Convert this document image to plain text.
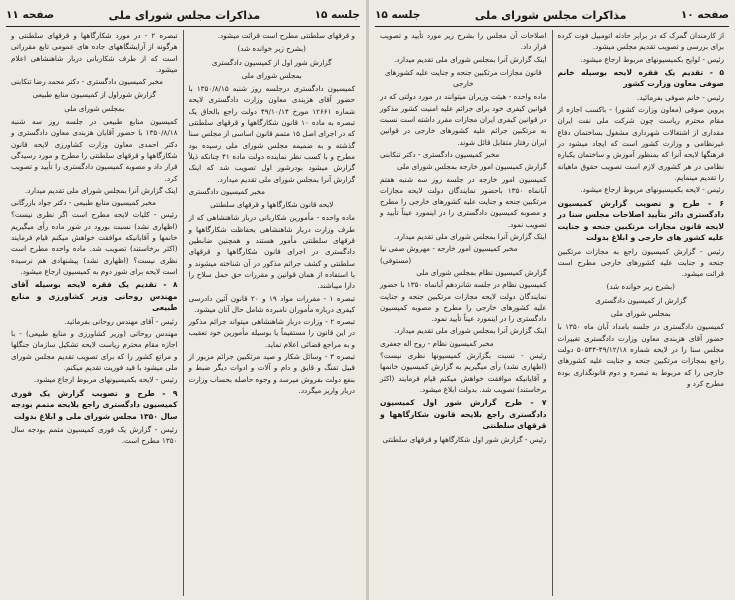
جلسه ۱۵
مذاکرات مجلس شورای ملی
صفحه ۱۱

و قرقهای سلطنتی مطرح است قرائت میشود.

(بشرح زیر خوانده شد)

گزارش شور اول از کمیسیون دادگستری

بمجلس شورای ملی

کمیسیون دادگستری درجلسه روز شنبه ۱۳۵۰/۸/۱۵ با حضور آقای هزبندی معاون وزارت دادگستری لایحه شماره ۱۲۶۶۱ مورخ ۴۹/۱۰/۱۴ دولت راجع بالحاق یک تبصره به ماده ۱۰ قانون شکارگاهها و قرقهای سلطنتی که در اجرای اصل ۱۵ متمم قانون اساسی از مجلس سنا گذشته و به ضمیمه مجلس شورای ملی رسیده بود مطرح و با کسب نظر نماینده دولت ماده ۴۱ چنانکه ذیلاً گزارش میشود بودرشور اول تصویب شد که اینک گزارش آنرا بمجلس شورای ملی تقدیم میدارد.

مخبر کمیسیون دادگستری

لایحه قانون شکارگاهها و قرقهای سلطنتی

ماده واحده - مأمورین شکاربانی دربار شاهنشاهی که از طرف وزارت دربار شاهنشاهی بحفاظت شکارگاهها و قرقهای سلطنتی مأمور هستند و همچنین ضابطین دادگستری در اجرای قانون شکارگاهها و قرقهای سلطنتی و کشف جرائم مذکور در آن شناخته میشوند و با استفاده از همان قوانین و مقررات حق حمل سلاح را دارا میباشند.

تبصره ۱ - مقررات مواد ۱۹ و ۲۰ قانون آئین دادرسی کیفری درباره مأموران نامبرده شامل حال آنان میشود.

تبصره ۲ - وزارت دربار شاهنشاهی میتواند جرائم مذکور در این قانون را مستقیماً یا بوسیله مأمورین خود تعقیب و به مراجع قضائی اعلام نماید.

تبصره ۳ - وسائل شکار و صید مرتکبین جرائم مزبور از قبیل تفنگ و قایق و دام و آلات و ادوات دیگر ضبط و بنفع دولت بفروش میرسد و وجوه حاصله بحساب وزارت دربار واریز میگردد.

تبصره ۲ - در مورد شکارگاهها و قرقهای سلطنتی و هرگونه از آرایشگاههای جاده های عمومی تابع مقرراتی است که از طرف شکاربانی دربار شاهنشاهی اعلام میشود.

مخبر کمیسیون دادگستری - دکتر محمد رضا تنکابنی

گزارش شوراول از کمیسیون منابع طبیعی

بمجلس شورای ملی

کمیسیون منابع طبیعی در جلسه روز سه شنبه ۱۳۵۰/۸/۱۸ با حضور آقایان هزبندی معاون دادگستری و دکتر احمدی معاون وزارت کشاورزی لایحه قانون شکارگاهها و قرقهای سلطنتی را مطرح و مورد رسیدگی قرار داد و مصوبه کمیسیون دادگستری را تأیید و تصویب کرد.

اینک گزارش آنرا بمجلس شورای ملی تقدیم میدارد.

مخبر کمیسیون منابع طبیعی - دکتر جواد بازرگانی

رئیس - کلیات لایحه مطرح است اگر نظری نیست؟ (اظهاری نشد) نسبت بورود در شور ماده رأی میگیریم خانمها و آقایانیکه موافقت خواهش میکنم قیام فرمایند (اکثر برخاستند) تصویب شد. ماده واحده مطرح است نظری نیست؟ (اظهاری نشد) پیشنهادی هم نرسیده است لایحه برای شور دوم به کمیسیون ارجاع میشود.

۸ - تقدیم یک فقره لایحه بوسیله آقای مهندس روحانی وزیر کشاورزی و منابع طبیعی

رئیس - آقای مهندس روحانی بفرمائید.

مهندس روحانی (وزیر کشاورزی و منابع طبیعی) - با اجازه مقام محترم ریاست لایحه تشکیل سازمان جنگلها و مراتع کشور را که برای تصویب تقدیم مجلس شورای ملی میشود با قید فوریت تقدیم میکنم.

رئیس - لایحه بکمیسیونهای مربوط ارجاع میشود.

۹ - طرح و تصویب گزارش یک فوری کمیسیون دادگستری راجع بلایحه متمم بودجه سال ۱۳۵۰ مجلس شورای ملی و ابلاغ بدولت

رئیس - گزارش یک فوری کمیسیون متمم بودجه سال ۱۳۵۰ مطرح است.

صفحه ۱۰
مذاکرات مجلس شورای ملی
جلسه ۱۵

از کارمندان گمرک که در برابر حادثه اتومبیل فوت کرده برای بررسی و تصویب تقدیم مجلس میشود.

رئیس - لوایح بکمیسیونهای مربوط ارجاع میشود.

۵ - تقدیم یک فقره لایحه بوسیله خانم صوفی معاون وزارت کشور

رئیس - خانم صوفی بفرمائید.

پروین صوفی (معاون وزارت کشور) - باکسب اجازه از مقام محترم ریاست چون شرکت ملی نفت ایران مقداری از اشتغالات شهرداری مشغول بساختمان دفاع غیرنظامی و وزارت کشور است که ایجاد میشود در فرهنگها لایحه آنرا که بمنظور آموزش و ساختمان یکباره نظامی در هر کشوری لازم است تصویب حقوق ماهیانه را تقدیم مینمایم.

رئیس - لایحه بکمیسیونهای مربوط ارجاع میشود.

۶ - طرح و تصویب گزارش کمیسیون دادگستری دائر بتأیید اصلاحات مجلس سنا در لایحه قانون مجازات مرتکبین جنحه و جنایت علیه کشور های خارجی و ابلاغ بدولت

رئیس - گزارش کمیسیون راجع به مجازات مرتکبین جنحه و جنایت علیه کشورهای خارجی مطرح است قرائت میشود.

(بشرح زیر خوانده شد)

گزارش از کمیسیون دادگستری

بمجلس شورای ملی

کمیسیون دادگستری در جلسه بامداد آبان ماه ۱۳۵۰ با حضور آقای هزبندی معاون وزارت دادگستری تغییرات مجلس سنا را در لایحه شماره ۴۹/۱۲/۱۸-۵۰۵۴۴ دولت راجع بمجازات مرتکبین جنحه و جنایت علیه کشورهای خارجی را که مربوط به تبصره و دوم قانونگذاری بوده مطرح کرد و

اصلاحات آن مجلس را بشرح زیر مورد تأیید و تصویب قرار داد.

اینک گزارش آنرا بمجلس شورای ملی تقدیم میدارد.

قانون مجازات مرتکبین جنحه و جنایت علیه کشورهای خارجی

ماده واحده - هیئت وزیران میتوانند در مورد دولتی که در قوانین کیفری خود برای جرائم علیه امنیت کشور مذکور در قوانین کیفری ایران مجازات مقرر داشته است نسبت به مرتکبین جرائم علیه کشورهای خارجی در قوانین ایران رفتار متقابل قائل شوند.

مخبر کمیسیون دادگستری - دکتر تنکابنی

گزارش کمیسیون امور خارجه بمجلس شورای ملی

کمیسیون امور خارجه در جلسه روز سه شنبه هفتم آبانماه ۱۳۵۰ باحضور نمایندگان دولت لایحه مجازات مرتکبین جنحه و جنایت علیه کشورهای خارجی را مطرح و مصوبه کمیسیون دادگستری را در اینمورد عیناً تأیید و تصویب نمود.

اینک گزارش آنرا بمجلس شورای ملی تقدیم میدارد.

مخبر کمیسیون امور خارجه - مهروش صفی نیا (مستوفی)

گزارش کمیسیون نظام بمجلس شورای ملی

کمیسیون نظام در جلسه شانزدهم آبانماه ۱۳۵۰ با حضور نمایندگان دولت لایحه مجازات مرتکبین جنحه و جنایت علیه کشورهای خارجی را مطرح و مصوبه کمیسیون دادگستری را در اینمورد عیناً تأیید نمود.

اینک گزارش آنرا بمجلس شورای ملی تقدیم میدارد.

مخبر کمیسیون نظام - روح اله جعفری

رئیس - نسبت بگزارش کمیسیونها نظری نیست؟ (اظهاری نشد) رأی میگیریم به گزارش کمیسیون خانمها و آقایانیکه موافقت خواهش میکنم قیام فرمایند (اکثر برخاستند) تصویب شد. بدولت ابلاغ میشود.

۷ - طرح گزارش شور اول کمیسیون دادگستری راجع بلایحه قانون شکارگاهها و قرقهای سلطنتی

رئیس - گزارش شور اول شکارگاهها و قرقهای سلطنتی
